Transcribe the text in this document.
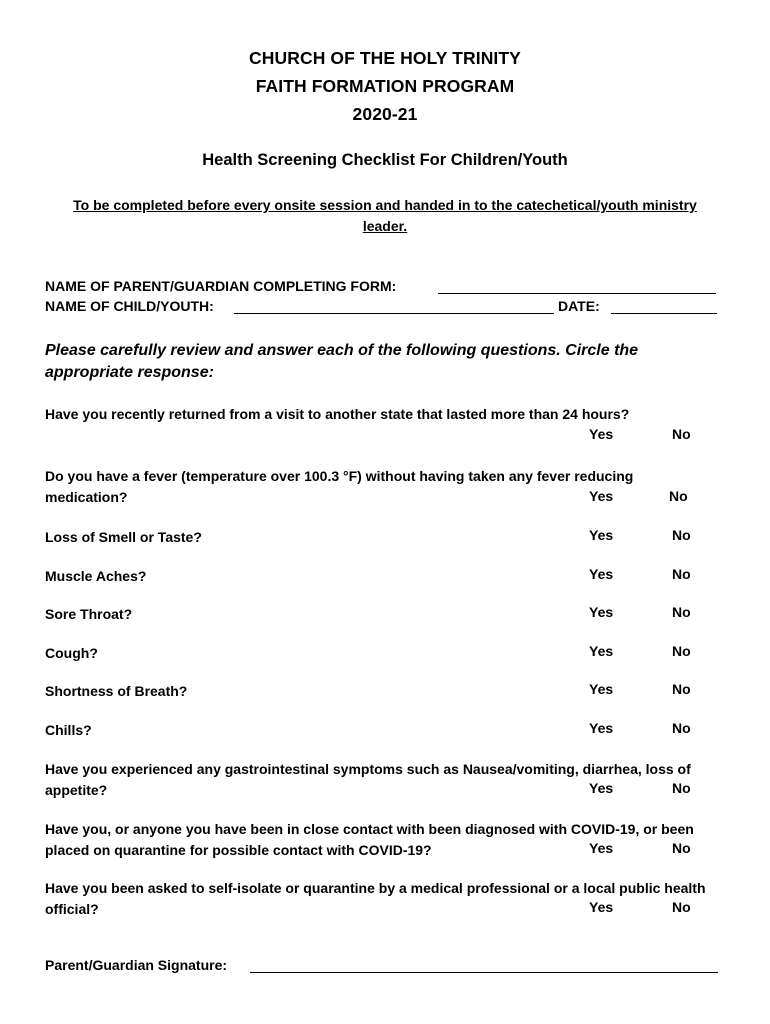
CHURCH OF THE HOLY TRINITY
FAITH FORMATION PROGRAM
2020-21
Health Screening Checklist For Children/Youth
To be completed before every onsite session and handed in to the catechetical/youth ministry leader.
NAME OF PARENT/GUARDIAN COMPLETING FORM:
NAME OF CHILD/YOUTH:	DATE:
Please carefully review and answer each of the following questions. Circle the appropriate response:
Have you recently returned from a visit to another state that lasted more than 24 hours?
Yes	No
Do you have a fever (temperature over 100.3 °F) without having taken any fever reducing medication?	Yes	No
Loss of Smell or Taste?	Yes	No
Muscle Aches?	Yes	No
Sore Throat?	Yes	No
Cough?	Yes	No
Shortness of Breath?	Yes	No
Chills?	Yes	No
Have you experienced any gastrointestinal symptoms such as Nausea/vomiting, diarrhea, loss of appetite?	Yes	No
Have you, or anyone you have been in close contact with been diagnosed with COVID-19, or been placed on quarantine for possible contact with COVID-19?	Yes	No
Have you been asked to self-isolate or quarantine by a medical professional or a local public health official?	Yes	No
Parent/Guardian Signature:
